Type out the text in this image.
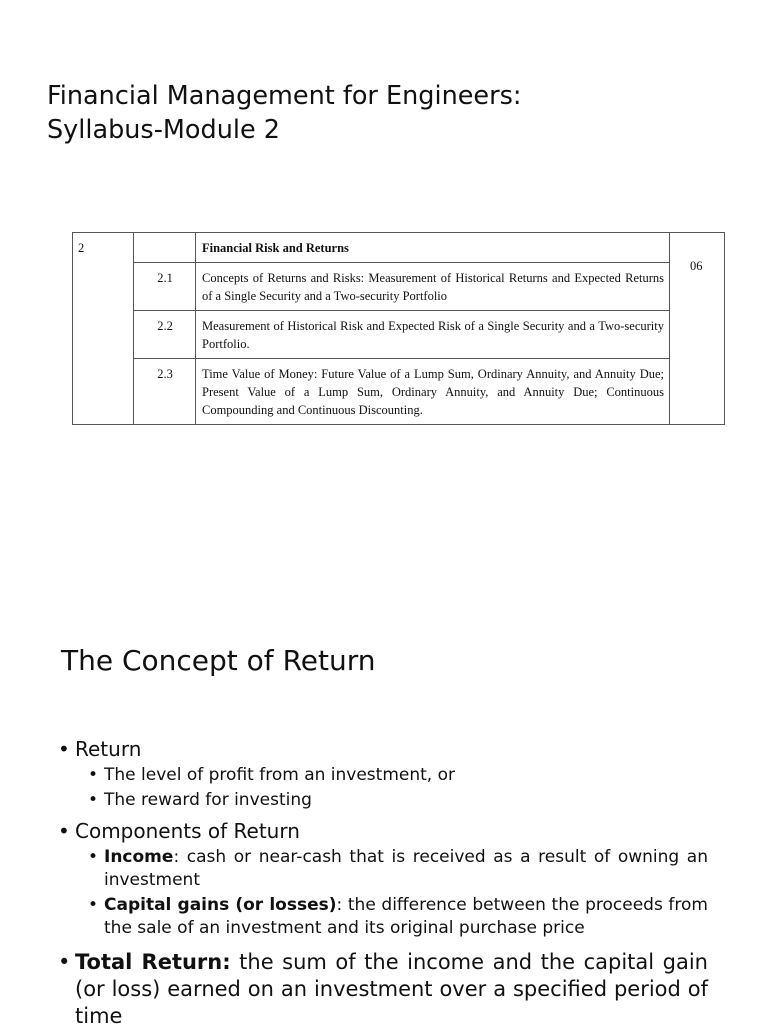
Financial Management for Engineers:
Syllabus-Module 2
2		Financial Risk and Returns	06
	2.1	Concepts of Returns and Risks: Measurement of Historical Returns and Expected Returns of a Single Security and a Two-security Portfolio	
	2.2	Measurement of Historical Risk and Expected Risk of a Single Security and a Two-security Portfolio.	
	2.3	Time Value of Money: Future Value of a Lump Sum, Ordinary Annuity, and Annuity Due; Present Value of a Lump Sum, Ordinary Annuity, and Annuity Due; Continuous Compounding and Continuous Discounting.	
The Concept of Return
• Return
• The level of profit from an investment, or
• The reward for investing
• Components of Return
• Income: cash or near-cash that is received as a result of owning an investment
• Capital gains (or losses): the difference between the proceeds from the sale of an investment and its original purchase price
• Total Return: the sum of the income and the capital gain (or loss) earned on an investment over a specified period of time
